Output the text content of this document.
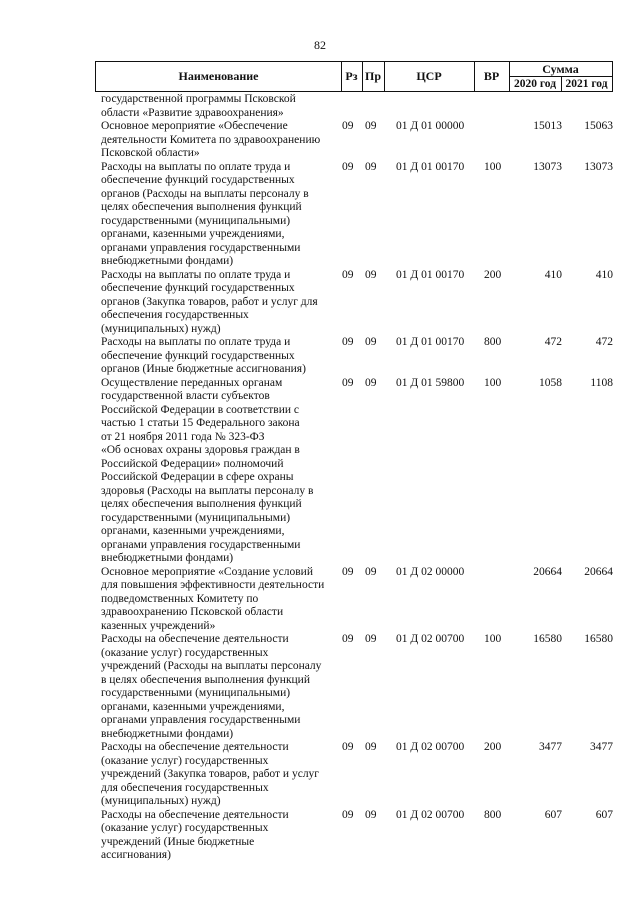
82
Наименование	Рз Пр	ЦСР	ВР	Сумма
2020 год 2021 год
государственной программы Псковской
области «Развитие здравоохранения»
Основное мероприятие «Обеспечение
деятельности Комитета по здравоохранению
Псковской области»
09 09 01 Д 01 00000	15013 15063
Расходы на выплаты по оплате труда и
обеспечение функций государственных
органов (Расходы на выплаты персоналу в
целях обеспечения выполнения функций
государственными (муниципальными)
органами, казенными учреждениями,
органами управления государственными
внебюджетными фондами)
09 09 01 Д 01 00170 100	13073 13073
Расходы на выплаты по оплате труда и
обеспечение функций государственных
органов (Закупка товаров, работ и услуг для
обеспечения государственных
(муниципальных) нужд)
09 09 01 Д 01 00170 200	410	410
Расходы на выплаты по оплате труда и
обеспечение функций государственных
органов (Иные бюджетные ассигнования)
09 09 01 Д 01 00170 800	472	472
Осуществление переданных органам
государственной власти субъектов
Российской Федерации в соответствии с
частью 1 статьи 15 Федерального закона
от 21 ноября 2011 года № 323-ФЗ
«Об основах охраны здоровья граждан в
Российской Федерации» полномочий
Российской Федерации в сфере охраны
здоровья (Расходы на выплаты персоналу в
целях обеспечения выполнения функций
государственными (муниципальными)
органами, казенными учреждениями,
органами управления государственными
внебюджетными фондами)
09 09 01 Д 01 59800 100	1058 1108
Основное мероприятие «Создание условий
для повышения эффективности деятельности
подведомственных Комитету по
здравоохранению Псковской области
казенных учреждений»
09 09 01 Д 02 00000	20664 20664
Расходы на обеспечение деятельности
(оказание услуг) государственных
учреждений (Расходы на выплаты персоналу
в целях обеспечения выполнения функций
государственными (муниципальными)
органами, казенными учреждениями,
органами управления государственными
внебюджетными фондами)
09 09 01 Д 02 00700 100	16580 16580
Расходы на обеспечение деятельности
(оказание услуг) государственных
учреждений (Закупка товаров, работ и услуг
для обеспечения государственных
(муниципальных) нужд)
09 09 01 Д 02 00700 200	3477 3477
Расходы на обеспечение деятельности
(оказание услуг) государственных
учреждений (Иные бюджетные
ассигнования)
09 09 01 Д 02 00700 800	607	607
